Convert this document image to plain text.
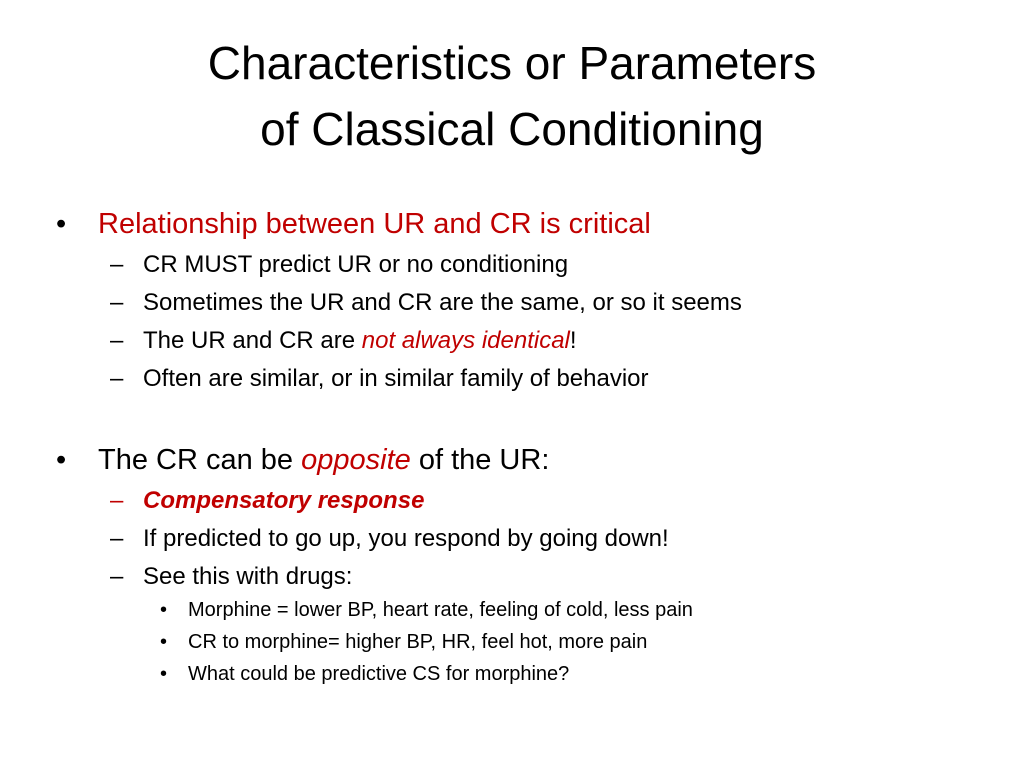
Characteristics or Parameters
of Classical Conditioning
• Relationship between UR and CR is critical
– CR MUST predict UR or no conditioning
– Sometimes the UR and CR are the same, or so it seems
– The UR and CR are not always identical!
– Often are similar, or in similar family of behavior
• The CR can be opposite of the UR:
– Compensatory response
– If predicted to go up, you respond by going down!
– See this with drugs:
• Morphine = lower BP, heart rate, feeling of cold, less pain
• CR to morphine= higher BP, HR, feel hot, more pain
• What could be predictive CS for morphine?
